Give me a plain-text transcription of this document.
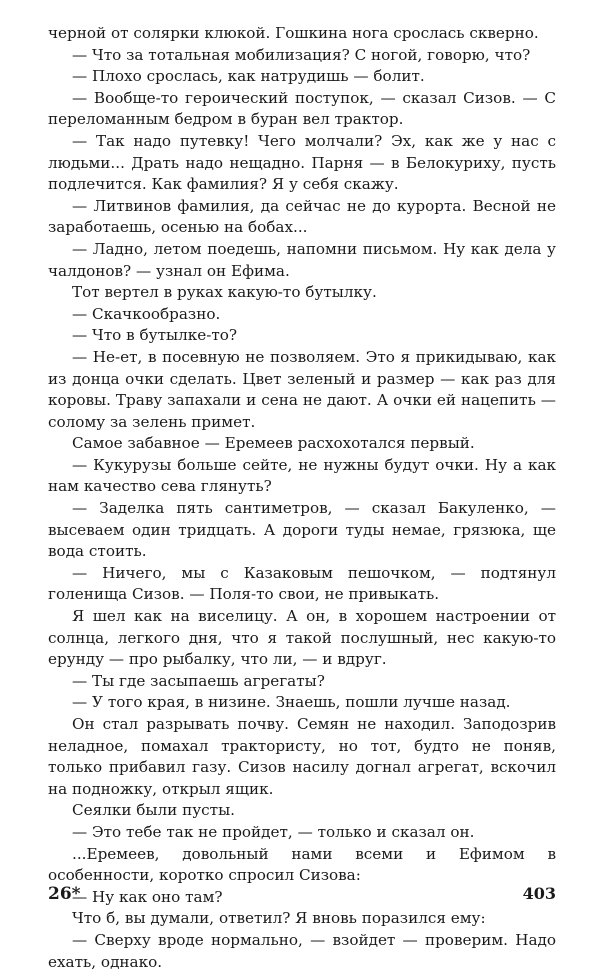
черной от солярки клюкой. Гошкина нога срослась скверно.

— Что за тотальная мобилизация? С ногой, говорю, что?

— Плохо срослась, как натрудишь — болит.

— Вообще-то героический поступок, — сказал Сизов. — С переломанным бедром в буран вел трактор.

— Так надо путевку! Чего молчали? Эх, как же у нас с людьми... Драть надо нещадно. Парня — в Белокуриху, пусть подлечится. Как фамилия? Я у себя скажу.

— Литвинов фамилия, да сейчас не до курорта. Весной не заработаешь, осенью на бобах...

— Ладно, летом поедешь, напомни письмом. Ну как дела у чалдонов? — узнал он Ефима.

Тот вертел в руках какую-то бутылку.

— Скачкообразно.

— Что в бутылке-то?

— Не-ет, в посевную не позволяем. Это я прикидываю, как из донца очки сделать. Цвет зеленый и размер — как раз для коровы. Траву запахали и сена не дают. А очки ей нацепить — солому за зелень примет.

Самое забавное — Еремеев расхохотался первый.

— Кукурузы больше сейте, не нужны будут очки. Ну а как нам качество сева глянуть?

— Заделка пять сантиметров, — сказал Бакуленко, — высеваем один тридцать. А дороги туды немае, грязюка, ще вода стоить.

— Ничего, мы с Казаковым пешочком, — подтянул голенища Сизов. — Поля-то свои, не привыкать.

Я шел как на виселицу. А он, в хорошем настроении от солнца, легкого дня, что я такой послушный, нес какую-то ерунду — про рыбалку, что ли, — и вдруг.

— Ты где засыпаешь агрегаты?

— У того края, в низине. Знаешь, пошли лучше назад.

Он стал разрывать почву. Семян не находил. Заподозрив неладное, помахал трактористу, но тот, будто не поняв, только прибавил газу. Сизов насилу догнал агрегат, вскочил на подножку, открыл ящик.

Сеялки были пусты.

— Это тебе так не пройдет, — только и сказал он.

...Еремеев, довольный нами всеми и Ефимом в особенности, коротко спросил Сизова:

— Ну как оно там?

Что б, вы думали, ответил? Я вновь поразился ему:

— Сверху вроде нормально, — взойдет — проверим. Надо ехать, однако.

26*	403
